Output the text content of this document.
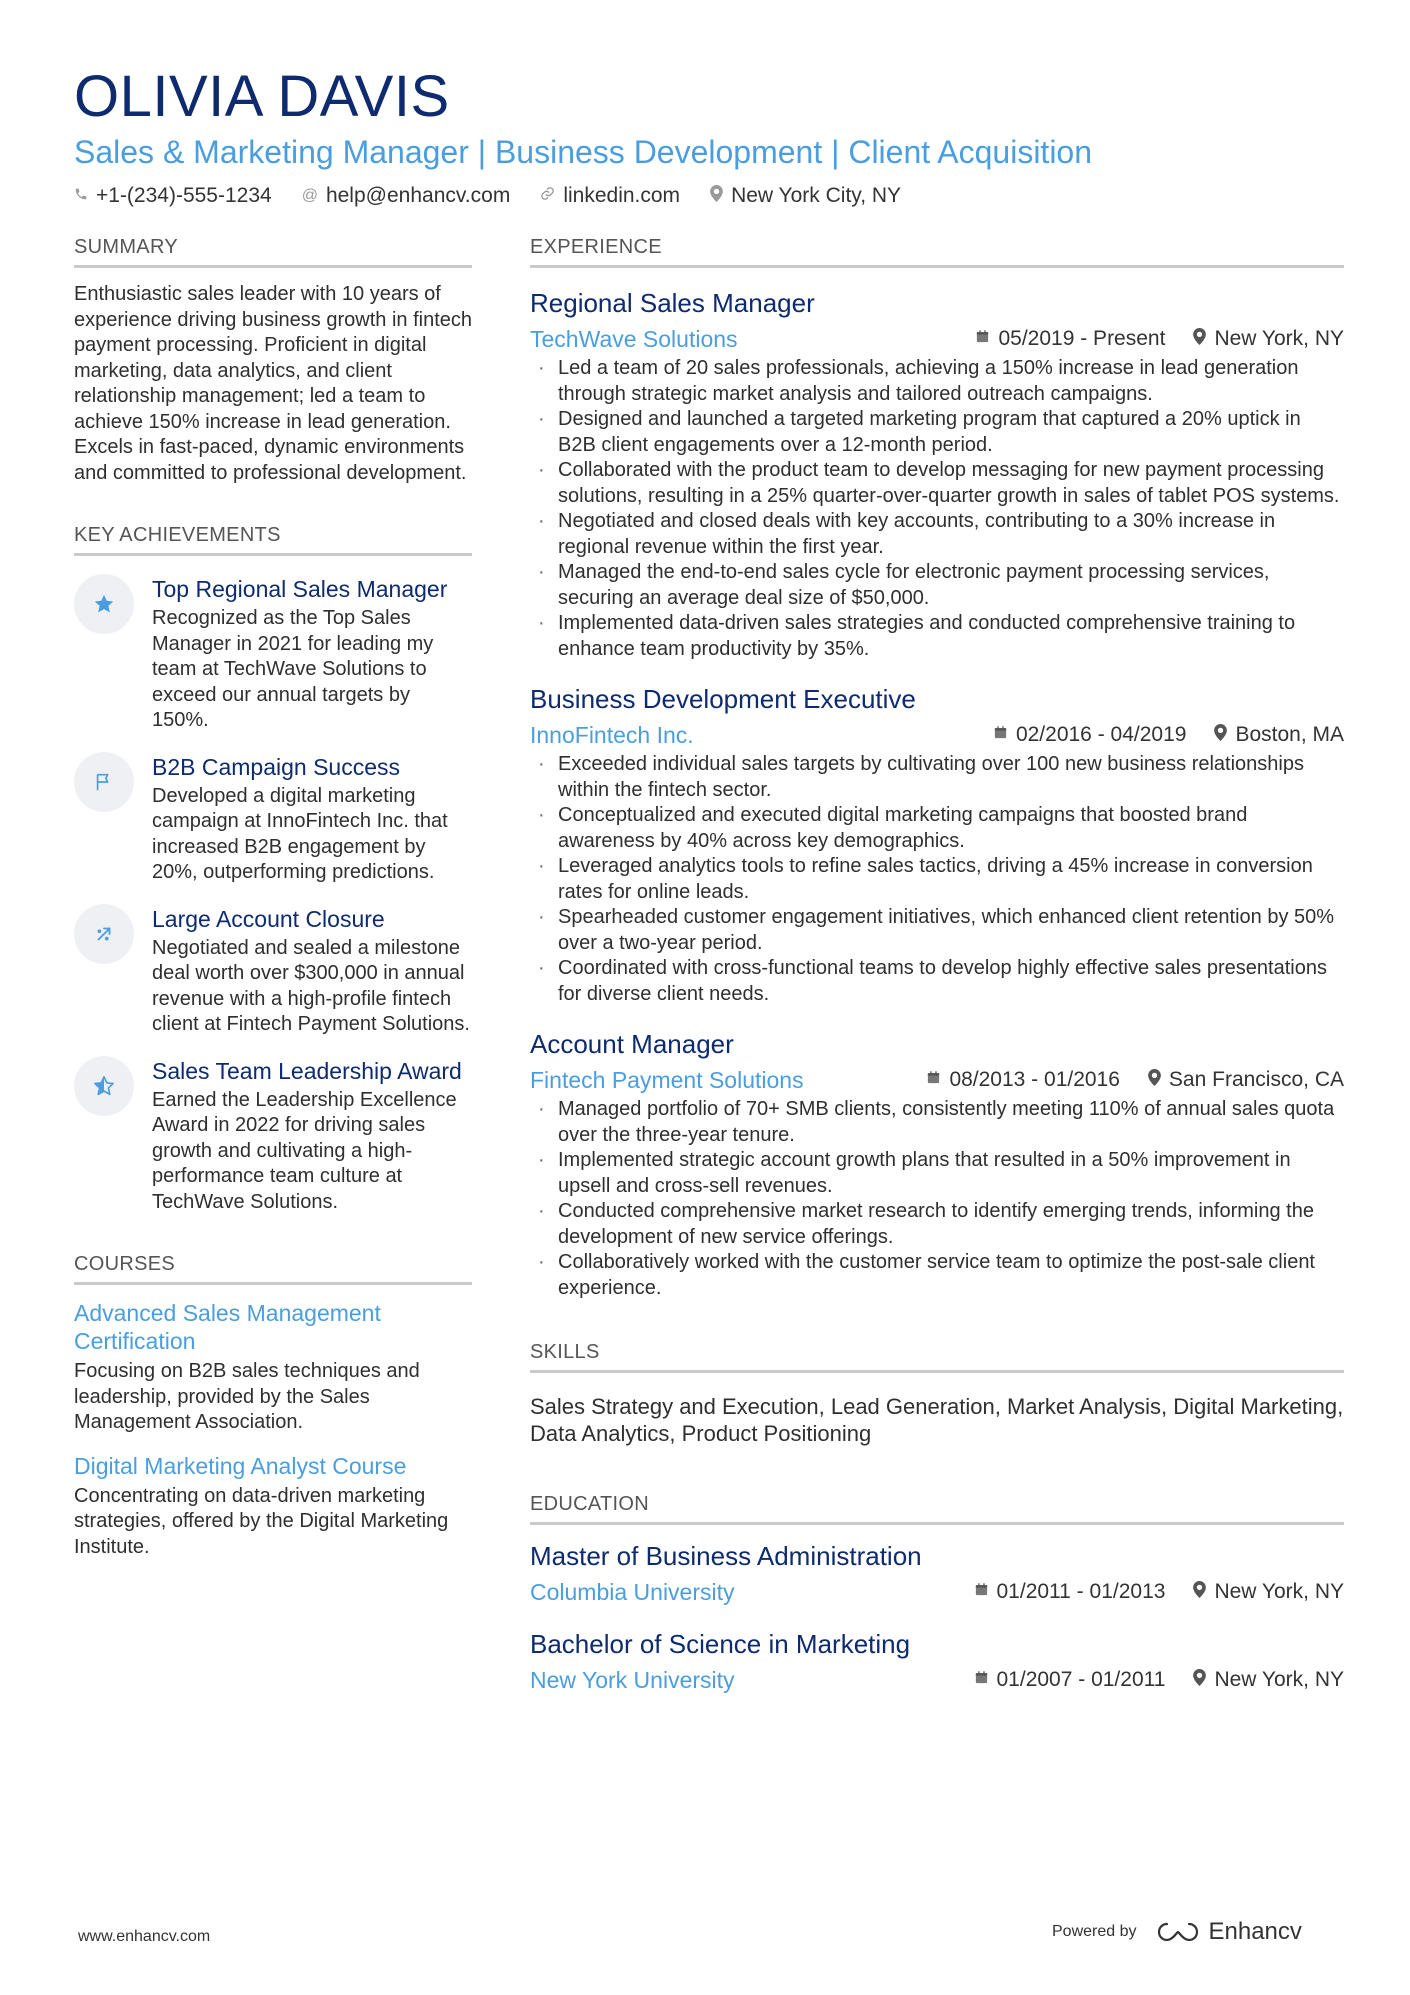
OLIVIA DAVIS
Sales & Marketing Manager | Business Development | Client Acquisition
+1-(234)-555-1234 @ help@enhancv.com	linkedin.com New York City, NY
SUMMARY
Enthusiastic sales leader with 10 years of experience driving business growth in fintech payment processing. Proficient in digital marketing, data analytics, and client relationship management; led a team to achieve 150% increase in lead generation. Excels in fast-paced, dynamic environments and committed to professional development.
KEY ACHIEVEMENTS
Top Regional Sales Manager
Recognized as the Top Sales Manager in 2021 for leading my team at TechWave Solutions to exceed our annual targets by 150%.
B2B Campaign Success
Developed a digital marketing campaign at InnoFintech Inc. that increased B2B engagement by 20%, outperforming predictions.
Large Account Closure
Negotiated and sealed a milestone deal worth over $300,000 in annual revenue with a high-profile fintech client at Fintech Payment Solutions.
Sales Team Leadership Award
Earned the Leadership Excellence Award in 2022 for driving sales growth and cultivating a high-performance team culture at TechWave Solutions.
COURSES
Advanced Sales Management Certification
Focusing on B2B sales techniques and leadership, provided by the Sales Management Association.
Digital Marketing Analyst Course
Concentrating on data-driven marketing strategies, offered by the Digital Marketing Institute.
EXPERIENCE
Regional Sales Manager
TechWave Solutions	05/2019 - Present New York, NY
· Led a team of 20 sales professionals, achieving a 150% increase in lead generation through strategic market analysis and tailored outreach campaigns.
· Designed and launched a targeted marketing program that captured a 20% uptick in B2B client engagements over a 12-month period.
· Collaborated with the product team to develop messaging for new payment processing solutions, resulting in a 25% quarter-over-quarter growth in sales of tablet POS systems.
· Negotiated and closed deals with key accounts, contributing to a 30% increase in regional revenue within the first year.
· Managed the end-to-end sales cycle for electronic payment processing services, securing an average deal size of $50,000.
· Implemented data-driven sales strategies and conducted comprehensive training to enhance team productivity by 35%.
Business Development Executive
InnoFintech Inc.	02/2016 - 04/2019 Boston, MA
· Exceeded individual sales targets by cultivating over 100 new business relationships within the fintech sector.
· Conceptualized and executed digital marketing campaigns that boosted brand awareness by 40% across key demographics.
· Leveraged analytics tools to refine sales tactics, driving a 45% increase in conversion rates for online leads.
· Spearheaded customer engagement initiatives, which enhanced client retention by 50% over a two-year period.
· Coordinated with cross-functional teams to develop highly effective sales presentations for diverse client needs.
Account Manager
Fintech Payment Solutions	08/2013 - 01/2016 San Francisco, CA
· Managed portfolio of 70+ SMB clients, consistently meeting 110% of annual sales quota over the three-year tenure.
· Implemented strategic account growth plans that resulted in a 50% improvement in upsell and cross-sell revenues.
· Conducted comprehensive market research to identify emerging trends, informing the development of new service offerings.
· Collaboratively worked with the customer service team to optimize the post-sale client experience.
SKILLS
Sales Strategy and Execution, Lead Generation, Market Analysis, Digital Marketing, Data Analytics, Product Positioning
EDUCATION
Master of Business Administration
Columbia University	01/2011 - 01/2013 New York, NY
Bachelor of Science in Marketing
New York University	01/2007 - 01/2011 New York, NY
www.enhancv.com	Powered by	Enhancv
